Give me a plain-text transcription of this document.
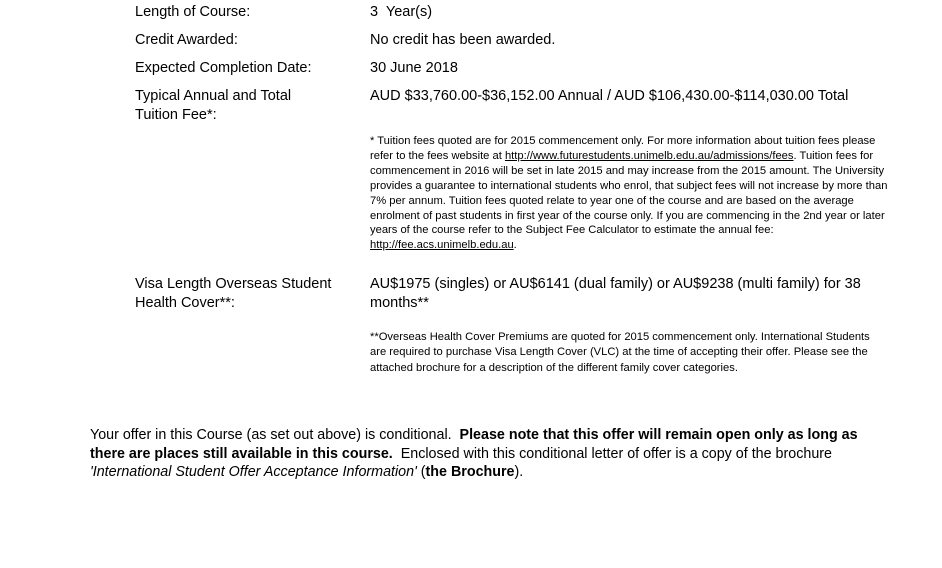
Length of Course:	3  Year(s)
Credit Awarded:	No credit has been awarded.
Expected Completion Date:	30 June 2018
Typical Annual and Total Tuition Fee*:
AUD $33,760.00-$36,152.00 Annual / AUD $106,430.00-$114,030.00 Total
* Tuition fees quoted are for 2015 commencement only. For more information about tuition fees please refer to the fees website at http://www.futurestudents.unimelb.edu.au/admissions/fees. Tuition fees for commencement in 2016 will be set in late 2015 and may increase from the 2015 amount. The University provides a guarantee to international students who enrol, that subject fees will not increase by more than 7% per annum. Tuition fees quoted relate to year one of the course and are based on the average enrolment of past students in first year of the course only. If you are commencing in the 2nd year or later years of the course refer to the Subject Fee Calculator to estimate the annual fee: http://fee.acs.unimelb.edu.au.
Visa Length Overseas Student Health Cover**:
AU$1975 (singles) or AU$6141 (dual family) or AU$9238 (multi family) for 38 months**
**Overseas Health Cover Premiums are quoted for 2015 commencement only. International Students are required to purchase Visa Length Cover (VLC) at the time of accepting their offer. Please see the attached brochure for a description of the different family cover categories.
Your offer in this Course (as set out above) is conditional.  Please note that this offer will remain open only as long as there are places still available in this course.  Enclosed with this conditional letter of offer is a copy of the brochure 'International Student Offer Acceptance Information' (the Brochure).
